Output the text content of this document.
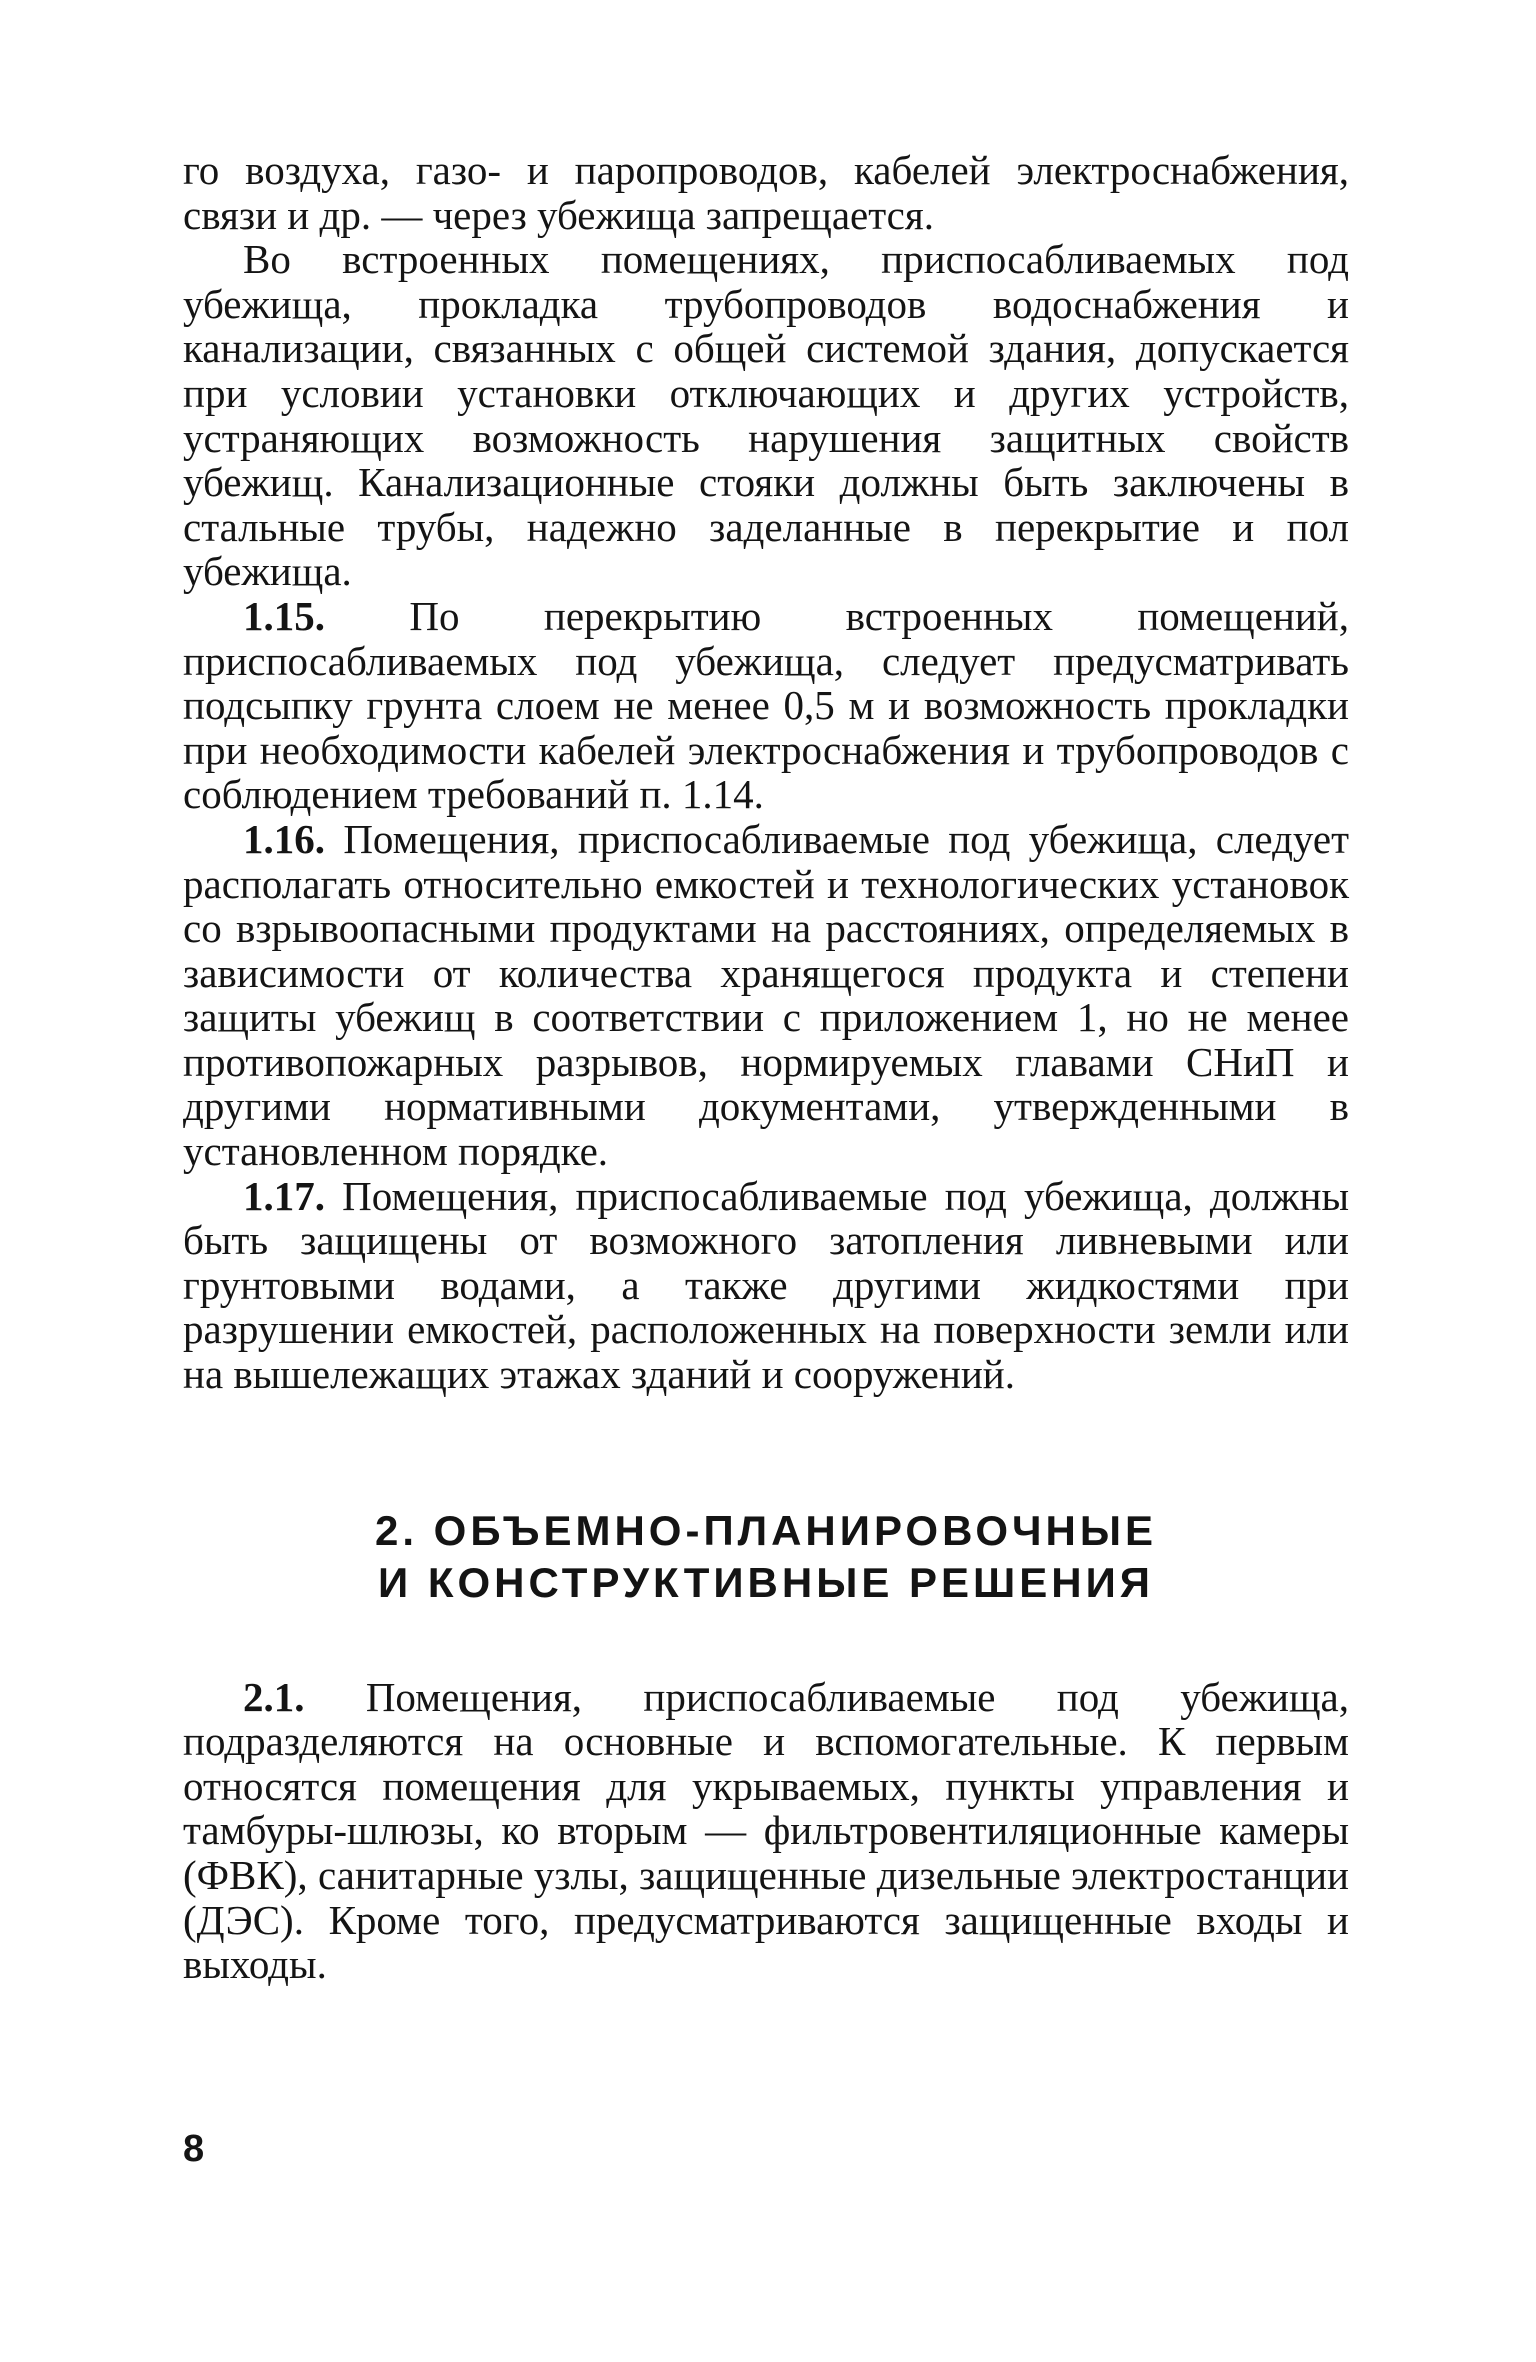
го воздуха, газо- и паропроводов, кабелей электроснабжения, связи и др. — через убежища запрещается.

Во встроенных помещениях, приспосабливаемых под убежища, прокладка трубопроводов водоснабжения и канализации, связанных с общей системой здания, допускается при условии установки отключающих и других устройств, устраняющих возможность нарушения защитных свойств убежищ. Канализационные стояки должны быть заключены в стальные трубы, надежно заделанные в перекрытие и пол убежища.

1.15. По перекрытию встроенных помещений, приспосабливаемых под убежища, следует предусматривать подсыпку грунта слоем не менее 0,5 м и возможность прокладки при необходимости кабелей электроснабжения и трубопроводов с соблюдением требований п. 1.14.

1.16. Помещения, приспосабливаемые под убежища, следует располагать относительно емкостей и технологических установок со взрывоопасными продуктами на расстояниях, определяемых в зависимости от количества хранящегося продукта и степени защиты убежищ в соответствии с приложением 1, но не менее противопожарных разрывов, нормируемых главами СНиП и другими нормативными документами, утвержденными в установленном порядке.

1.17. Помещения, приспосабливаемые под убежища, должны быть защищены от возможного затопления ливневыми или грунтовыми водами, а также другими жидкостями при разрушении емкостей, расположенных на поверхности земли или на вышележащих этажах зданий и сооружений.

2. ОБЪЕМНО-ПЛАНИРОВОЧНЫЕ
И КОНСТРУКТИВНЫЕ РЕШЕНИЯ

2.1. Помещения, приспосабливаемые под убежища, подразделяются на основные и вспомогательные. К первым относятся помещения для укрываемых, пункты управления и тамбуры-шлюзы, ко вторым — фильтровентиляционные камеры (ФВК), санитарные узлы, защищенные дизельные электростанции (ДЭС). Кроме того, предусматриваются защищенные входы и выходы.

8
